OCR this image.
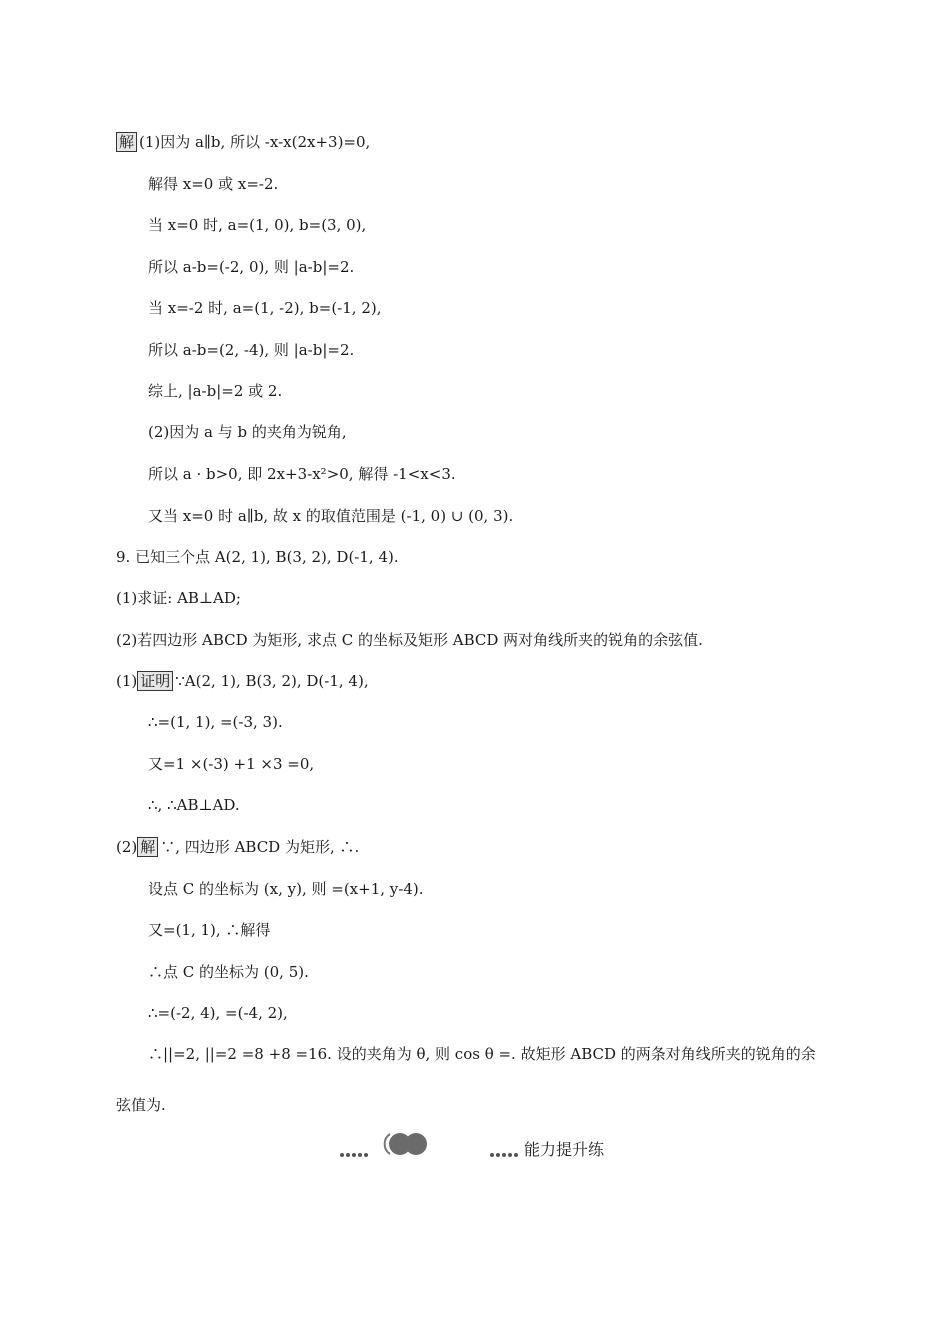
解 (1)因为 a∥b, 所以 -x-x(2x+3)=0,
解得 x=0 或 x=-2.
当 x=0 时, a=(1, 0), b=(3, 0),
所以 a-b=(-2, 0), 则 |a-b|=2.
当 x=-2 时, a=(1, -2), b=(-1, 2),
所以 a-b=(2, -4), 则 |a-b|=2.
综上, |a-b|=2 或 2.
(2)因为 a 与 b 的夹角为锐角,
所以 a · b>0, 即 2x+3-x²>0, 解得 -1<x<3.
又当 x=0 时 a∥b, 故 x 的取值范围是 (-1, 0) ∪ (0, 3).
9. 已知三个点 A(2, 1), B(3, 2), D(-1, 4).
(1)求证: AB⊥AD;
(2)若四边形 ABCD 为矩形, 求点 C 的坐标及矩形 ABCD 两对角线所夹的锐角的余弦值.
(1) 证明 ∵A(2, 1), B(3, 2), D(-1, 4),
∴=(1, 1), =(-3, 3).
又=1 ×(-3) +1 ×3 =0,
∴, ∴AB⊥AD.
(2) 解 ∵, 四边形 ABCD 为矩形, ∴.
设点 C 的坐标为 (x, y), 则 =(x+1, y-4).
又=(1, 1), ∴解得
∴点 C 的坐标为 (0, 5).
∴=(-2, 4), =(-4, 2),
∴||=2, ||=2 =8 +8 =16. 设的夹角为 θ, 则 cos θ =. 故矩形 ABCD 的两条对角线所夹的锐角的余
弦值为.
能力提升练
